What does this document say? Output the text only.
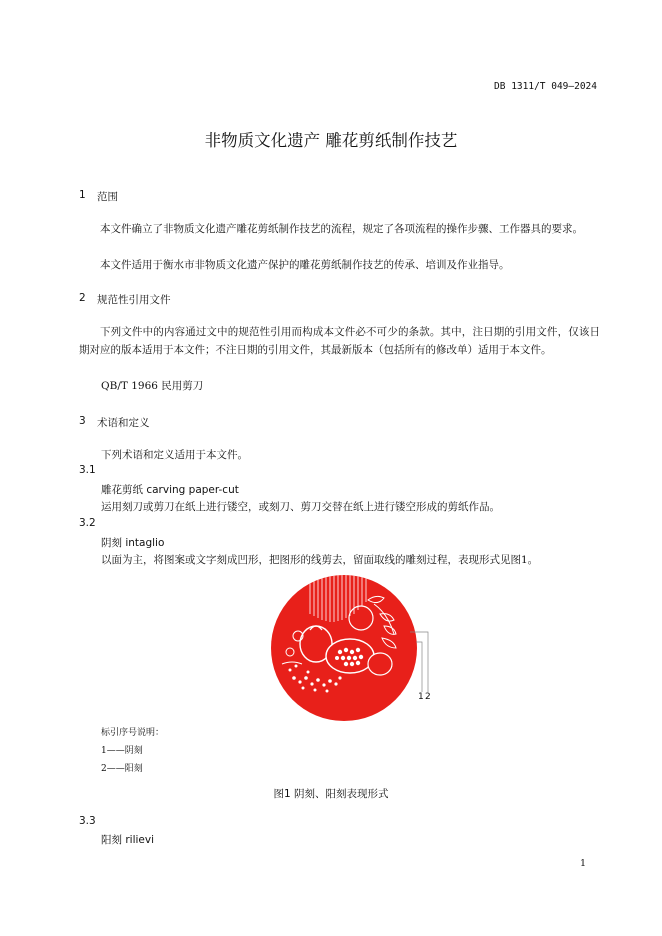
DB 1311/T 049—2024
非物质文化遗产 雕花剪纸制作技艺
1 范围
本文件确立了非物质文化遗产雕花剪纸制作技艺的流程，规定了各项流程的操作步骤、工作器具的要求。
本文件适用于衡水市非物质文化遗产保护的雕花剪纸制作技艺的传承、培训及作业指导。
2 规范性引用文件
下列文件中的内容通过文中的规范性引用而构成本文件必不可少的条款。其中，注日期的引用文件，仅该日期对应的版本适用于本文件；不注日期的引用文件，其最新版本（包括所有的修改单）适用于本文件。
QB/T 1966 民用剪刀
3 术语和定义
下列术语和定义适用于本文件。
3.1
雕花剪纸 carving paper-cut
运用刻刀或剪刀在纸上进行镂空，或刻刀、剪刀交替在纸上进行镂空形成的剪纸作品。
3.2
阴刻 intaglio
以面为主，将图案或文字刻成凹形，把图形的线剪去，留面取线的雕刻过程，表现形式见图1。
1 2
标引序号说明：
1——阴刻
2——阳刻
图1 阴刻、阳刻表现形式
3.3
阳刻 rilievi
1
